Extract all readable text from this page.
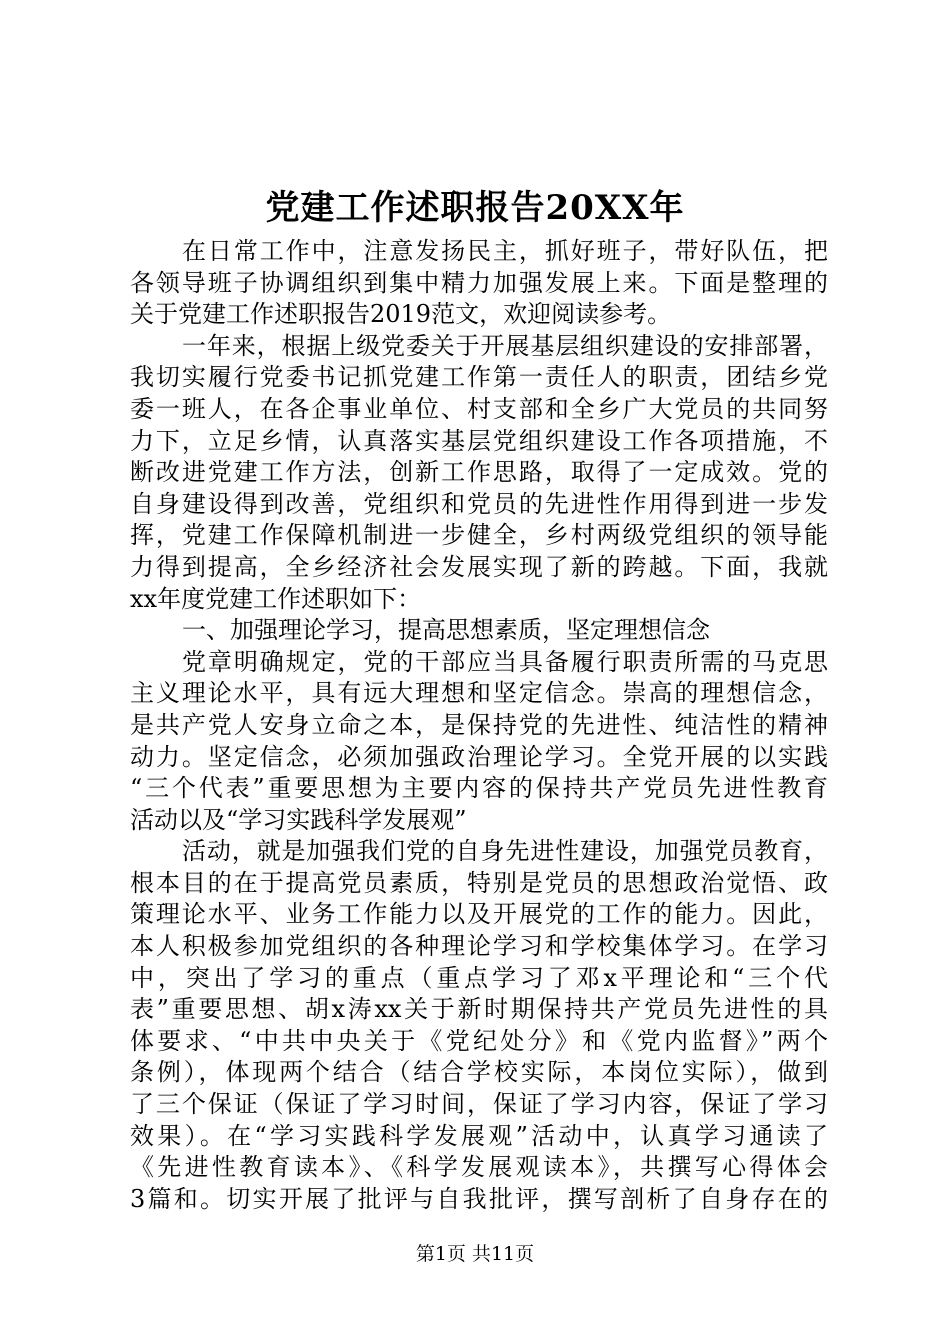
党建工作述职报告20XX年
在日常工作中，注意发扬民主，抓好班子，带好队伍，把
各领导班子协调组织到集中精力加强发展上来。下面是整理的
关于党建工作述职报告2019范文，欢迎阅读参考。
一年来，根据上级党委关于开展基层组织建设的安排部署，
我切实履行党委书记抓党建工作第一责任人的职责，团结乡党
委一班人，在各企事业单位、村支部和全乡广大党员的共同努
力下，立足乡情，认真落实基层党组织建设工作各项措施，不
断改进党建工作方法，创新工作思路，取得了一定成效。党的
自身建设得到改善，党组织和党员的先进性作用得到进一步发
挥，党建工作保障机制进一步健全，乡村两级党组织的领导能
力得到提高，全乡经济社会发展实现了新的跨越。下面，我就
xx年度党建工作述职如下：
一、加强理论学习，提高思想素质，坚定理想信念
党章明确规定，党的干部应当具备履行职责所需的马克思
主义理论水平，具有远大理想和坚定信念。崇高的理想信念，
是共产党人安身立命之本，是保持党的先进性、纯洁性的精神
动力。坚定信念，必须加强政治理论学习。全党开展的以实践
“三个代表”重要思想为主要内容的保持共产党员先进性教育
活动以及“学习实践科学发展观”
活动，就是加强我们党的自身先进性建设，加强党员教育，
根本目的在于提高党员素质，特别是党员的思想政治觉悟、政
策理论水平、业务工作能力以及开展党的工作的能力。因此，
本人积极参加党组织的各种理论学习和学校集体学习。在学习
中，突出了学习的重点（重点学习了邓x平理论和“三个代
表”重要思想、胡x涛xx关于新时期保持共产党员先进性的具
体要求、“中共中央关于《党纪处分》和《党内监督》”两个
条例），体现两个结合（结合学校实际，本岗位实际），做到
了三个保证（保证了学习时间，保证了学习内容，保证了学习
效果）。在“学习实践科学发展观”活动中，认真学习通读了
《先进性教育读本》、《科学发展观读本》，共撰写心得体会
3篇和。切实开展了批评与自我批评，撰写剖析了自身存在的
第1页 共11页
